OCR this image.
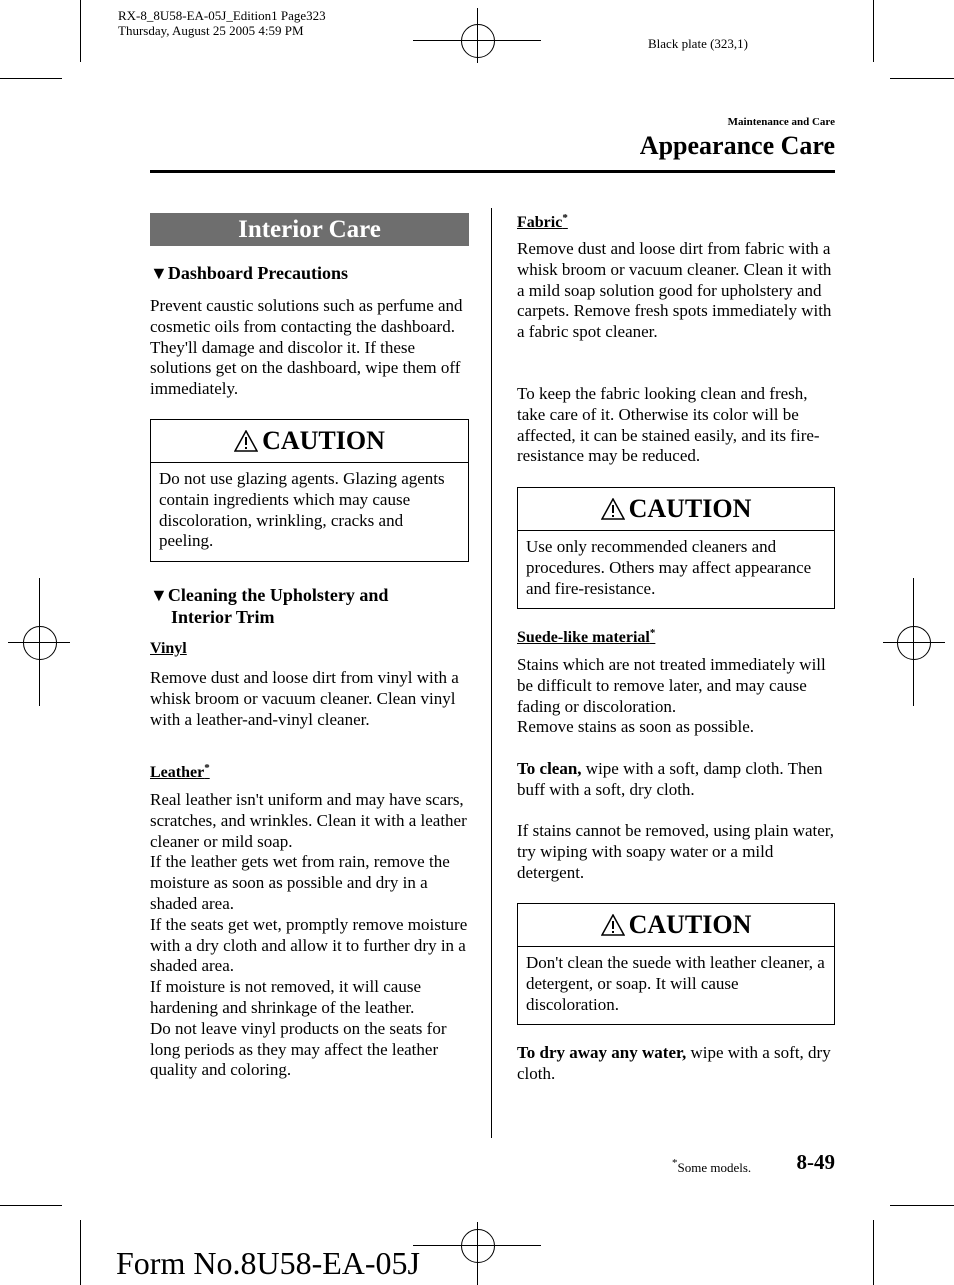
RX-8_8U58-EA-05J_Edition1 Page323
Thursday, August 25 2005 4:59 PM
Black plate (323,1)
Maintenance and Care
Appearance Care
Interior Care
▼Dashboard Precautions
Prevent caustic solutions such as perfume and cosmetic oils from contacting the dashboard. They'll damage and discolor it. If these solutions get on the dashboard, wipe them off immediately.
CAUTION
Do not use glazing agents. Glazing agents contain ingredients which may cause discoloration, wrinkling, cracks and peeling.
▼Cleaning the Upholstery and
Interior Trim
Vinyl
Remove dust and loose dirt from vinyl with a whisk broom or vacuum cleaner. Clean vinyl with a leather-and-vinyl cleaner.
Leather*
Real leather isn't uniform and may have scars, scratches, and wrinkles. Clean it with a leather cleaner or mild soap.
If the leather gets wet from rain, remove the moisture as soon as possible and dry in a shaded area.
If the seats get wet, promptly remove moisture with a dry cloth and allow it to further dry in a shaded area.
If moisture is not removed, it will cause hardening and shrinkage of the leather.
Do not leave vinyl products on the seats for long periods as they may affect the leather quality and coloring.
Fabric*
Remove dust and loose dirt from fabric with a whisk broom or vacuum cleaner. Clean it with a mild soap solution good for upholstery and carpets. Remove fresh spots immediately with a fabric spot cleaner.
To keep the fabric looking clean and fresh, take care of it. Otherwise its color will be affected, it can be stained easily, and its fire-resistance may be reduced.
CAUTION
Use only recommended cleaners and procedures. Others may affect appearance and fire-resistance.
Suede-like material*
Stains which are not treated immediately will be difficult to remove later, and may cause fading or discoloration.
Remove stains as soon as possible.
To clean, wipe with a soft, damp cloth. Then buff with a soft, dry cloth.
If stains cannot be removed, using plain water, try wiping with soapy water or a mild detergent.
CAUTION
Don't clean the suede with leather cleaner, a detergent, or soap. It will cause discoloration.
To dry away any water, wipe with a soft, dry cloth.
*Some models.	8-49
Form No.8U58-EA-05J
